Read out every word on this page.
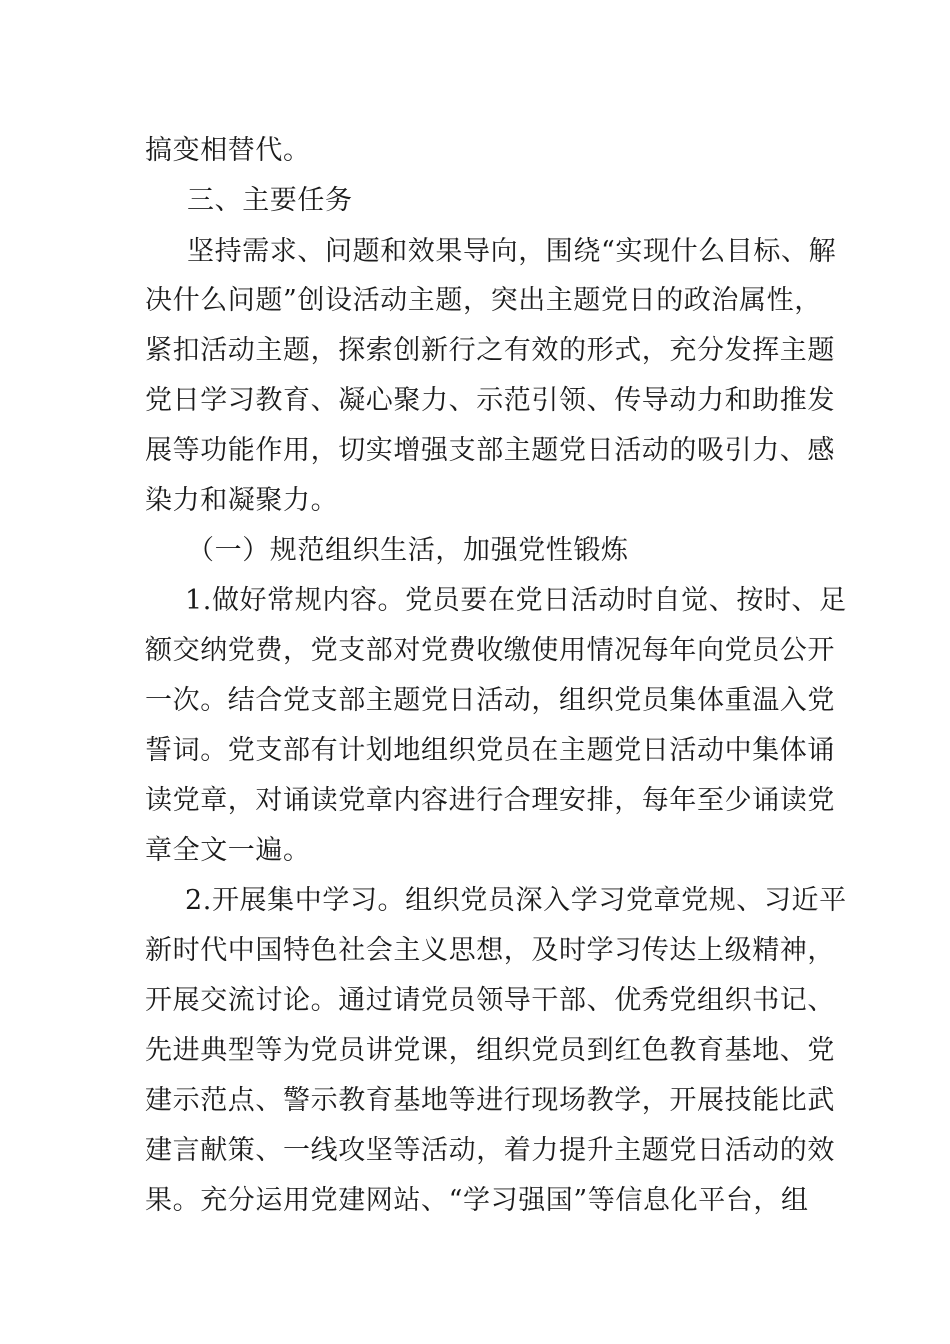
搞变相替代。
三、主要任务
坚持需求、问题和效果导向，围绕“实现什么目标、解
决什么问题”创设活动主题，突出主题党日的政治属性，
紧扣活动主题，探索创新行之有效的形式，充分发挥主题
党日学习教育、凝心聚力、示范引领、传导动力和助推发
展等功能作用，切实增强支部主题党日活动的吸引力、感
染力和凝聚力。
（一）规范组织生活，加强党性锻炼
1.做好常规内容。党员要在党日活动时自觉、按时、足
额交纳党费，党支部对党费收缴使用情况每年向党员公开
一次。结合党支部主题党日活动，组织党员集体重温入党
誓词。党支部有计划地组织党员在主题党日活动中集体诵
读党章，对诵读党章内容进行合理安排，每年至少诵读党
章全文一遍。
2.开展集中学习。组织党员深入学习党章党规、习近平
新时代中国特色社会主义思想，及时学习传达上级精神，
开展交流讨论。通过请党员领导干部、优秀党组织书记、
先进典型等为党员讲党课，组织党员到红色教育基地、党
建示范点、警示教育基地等进行现场教学，开展技能比武
建言献策、一线攻坚等活动，着力提升主题党日活动的效
果。充分运用党建网站、“学习强国”等信息化平台，组
